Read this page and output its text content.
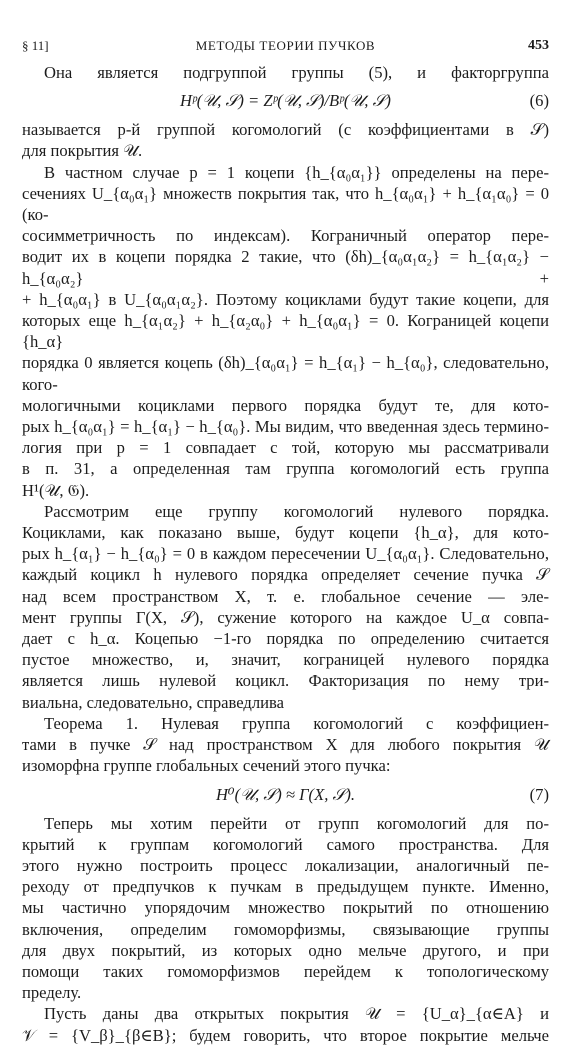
§ 11]	МЕТОДЫ ТЕОРИИ ПУЧКОВ	453

Она является подгруппой группы (5), и факторгруппа

Hᵖ(𝒰, 𝒮) = Zᵖ(𝒰, 𝒮)/Bᵖ(𝒰, 𝒮)	(6)

называется p-й группой когомологий (с коэффициентами в 𝒮)

для покрытия 𝒰.

В частном случае p = 1 коцепи {h_{α₀α₁}} определены на пере-

сечениях U_{α₀α₁} множеств покрытия так, что h_{α₀α₁} + h_{α₁α₀} = 0 (ко-

сосимметричность по индексам). Кограничный оператор пере-

водит их в коцепи порядка 2 такие, что (δh)_{α₀α₁α₂} = h_{α₁α₂} − h_{α₀α₂} +

+ h_{α₀α₁} в U_{α₀α₁α₂}. Поэтому коциклами будут такие коцепи, для

которых еще h_{α₁α₂} + h_{α₂α₀} + h_{α₀α₁} = 0. Кограницей коцепи {h_α}

порядка 0 является коцепь (δh)_{α₀α₁} = h_{α₁} − h_{α₀}, следовательно, кого-

мологичными коциклами первого порядка будут те, для кото-

рых h_{α₀α₁} = h_{α₁} − h_{α₀}. Мы видим, что введенная здесь термино-

логия при p = 1 совпадает с той, которую мы рассматривали

в п. 31, а определенная там группа когомологий есть группа

H¹(𝒰, 𝔊).

Рассмотрим еще группу когомологий нулевого порядка.

Коциклами, как показано выше, будут коцепи {h_α}, для кото-

рых h_{α₁} − h_{α₀} = 0 в каждом пересечении U_{α₀α₁}. Следовательно,

каждый коцикл h нулевого порядка определяет сечение пучка 𝒮

над всем пространством X, т. е. глобальное сечение — эле-

мент группы Γ(X, 𝒮), сужение которого на каждое U_α совпа-

дает с h_α. Коцепью −1-го порядка по определению считается

пустое множество, и, значит, кограницей нулевого порядка

является лишь нулевой коцикл. Факторизация по нему три-

виальна, следовательно, справедлива

Теорема 1. Нулевая группа когомологий с коэффициен-

тами в пучке 𝒮 над пространством X для любого покрытия 𝒰

изоморфна группе глобальных сечений этого пучка:

H⁰(𝒰, 𝒮) ≈ Γ(X, 𝒮).	(7)

Теперь мы хотим перейти от групп когомологий для по-

крытий к группам когомологий самого пространства. Для

этого нужно построить процесс локализации, аналогичный пе-

реходу от предпучков к пучкам в предыдущем пункте. Именно,

мы частично упорядочим множество покрытий по отношению

включения, определим гомоморфизмы, связывающие группы

для двух покрытий, из которых одно мельче другого, и при

помощи таких гомоморфизмов перейдем к топологическому

пределу.

Пусть даны два открытых покрытия 𝒰 = {U_α}_{α∈A} и

𝒱 = {V_β}_{β∈B}; будем говорить, что второе покрытие мельче
